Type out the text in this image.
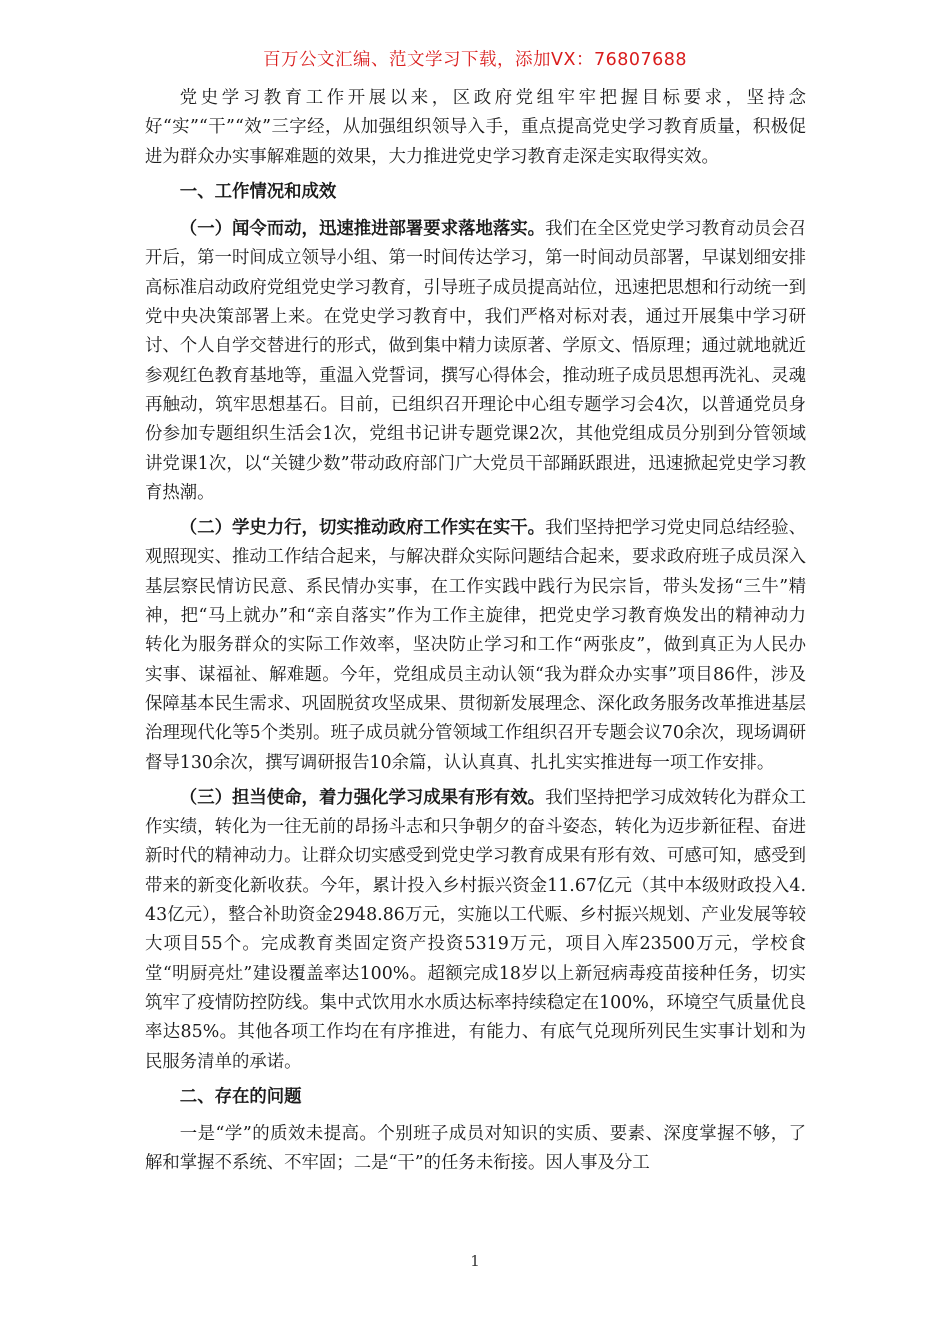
百万公文汇编、范文学习下载，添加VX：76807688

党史学习教育工作开展以来，区政府党组牢牢把握目标要求，坚持念好“实”“干”“效”三字经，从加强组织领导入手，重点提高党史学习教育质量，积极促进为群众办实事解难题的效果，大力推进党史学习教育走深走实取得实效。

一、工作情况和成效

（一）闻令而动，迅速推进部署要求落地落实。我们在全区党史学习教育动员会召开后，第一时间成立领导小组、第一时间传达学习，第一时间动员部署，早谋划细安排高标准启动政府党组党史学习教育，引导班子成员提高站位，迅速把思想和行动统一到党中央决策部署上来。在党史学习教育中，我们严格对标对表，通过开展集中学习研讨、个人自学交替进行的形式，做到集中精力读原著、学原文、悟原理；通过就地就近参观红色教育基地等，重温入党誓词，撰写心得体会，推动班子成员思想再洗礼、灵魂再触动，筑牢思想基石。目前，已组织召开理论中心组专题学习会4次，以普通党员身份参加专题组织生活会1次，党组书记讲专题党课2次，其他党组成员分别到分管领域讲党课1次，以“关键少数”带动政府部门广大党员干部踊跃跟进，迅速掀起党史学习教育热潮。

（二）学史力行，切实推动政府工作实在实干。我们坚持把学习党史同总结经验、观照现实、推动工作结合起来，与解决群众实际问题结合起来，要求政府班子成员深入基层察民情访民意、系民情办实事，在工作实践中践行为民宗旨，带头发扬“三牛”精神，把“马上就办”和“亲自落实”作为工作主旋律，把党史学习教育焕发出的精神动力转化为服务群众的实际工作效率，坚决防止学习和工作“两张皮”，做到真正为人民办实事、谋福祉、解难题。今年，党组成员主动认领“我为群众办实事”项目86件，涉及保障基本民生需求、巩固脱贫攻坚成果、贯彻新发展理念、深化政务服务改革推进基层治理现代化等5个类别。班子成员就分管领域工作组织召开专题会议70余次，现场调研督导130余次，撰写调研报告10余篇，认认真真、扎扎实实推进每一项工作安排。

（三）担当使命，着力强化学习成果有形有效。我们坚持把学习成效转化为群众工作实绩，转化为一往无前的昂扬斗志和只争朝夕的奋斗姿态，转化为迈步新征程、奋进新时代的精神动力。让群众切实感受到党史学习教育成果有形有效、可感可知，感受到带来的新变化新收获。今年，累计投入乡村振兴资金11.67亿元（其中本级财政投入4.43亿元），整合补助资金2948.86万元，实施以工代赈、乡村振兴规划、产业发展等较大项目55个。完成教育类固定资产投资5319万元，项目入库23500万元，学校食堂“明厨亮灶”建设覆盖率达100%。超额完成18岁以上新冠病毒疫苗接种任务，切实筑牢了疫情防控防线。集中式饮用水水质达标率持续稳定在100%，环境空气质量优良率达85%。其他各项工作均在有序推进，有能力、有底气兑现所列民生实事计划和为民服务清单的承诺。

二、存在的问题

一是“学”的质效未提高。个别班子成员对知识的实质、要素、深度掌握不够，了解和掌握不系统、不牢固；二是“干”的任务未衔接。因人事及分工

1
